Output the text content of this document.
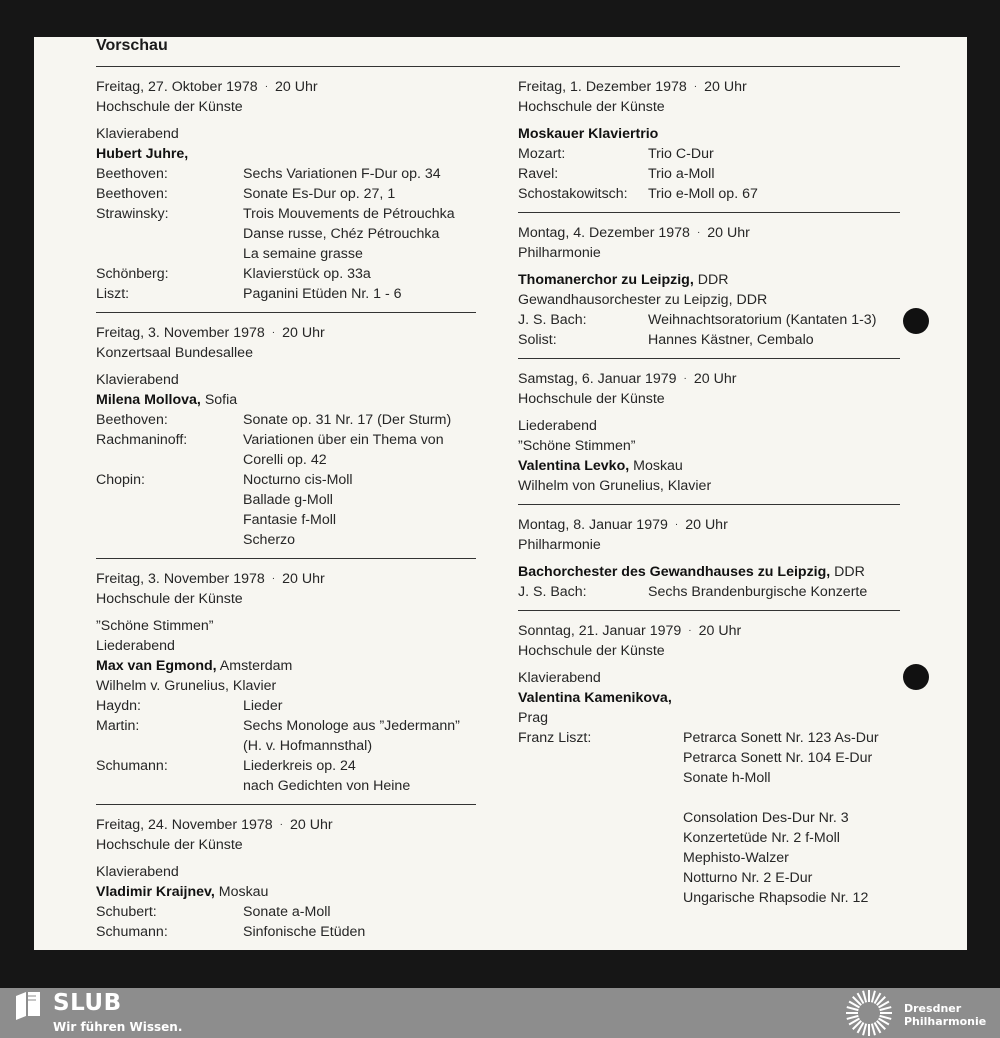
Vorschau
Freitag, 27. Oktober 1978 · 20 Uhr
Hochschule der Künste
Klavierabend
Hubert Juhre,
Beethoven:	Sechs Variationen F-Dur op. 34
Beethoven:	Sonate Es-Dur op. 27, 1
Strawinsky:	Trois Mouvements de Pétrouchka
Danse russe, Chéz Pétrouchka
La semaine grasse
Schönberg:	Klavierstück op. 33a
Liszt:	Paganini Etüden Nr. 1 - 6
Freitag, 3. November 1978 · 20 Uhr
Konzertsaal Bundesallee
Klavierabend
Milena Mollova, Sofia
Beethoven:	Sonate op. 31 Nr. 17 (Der Sturm)
Rachmaninoff:	Variationen über ein Thema von
Corelli op. 42
Chopin:	Nocturno cis-Moll
Ballade g-Moll
Fantasie f-Moll
Scherzo
Freitag, 3. November 1978 · 20 Uhr
Hochschule der Künste
”Schöne Stimmen”
Liederabend
Max van Egmond, Amsterdam
Wilhelm v. Grunelius, Klavier
Haydn:	Lieder
Martin:	Sechs Monologe aus ”Jedermann”
(H. v. Hofmannsthal)
Schumann:	Liederkreis op. 24
nach Gedichten von Heine
Freitag, 24. November 1978 · 20 Uhr
Hochschule der Künste
Klavierabend
Vladimir Kraijnev, Moskau
Schubert:	Sonate a-Moll
Schumann:	Sinfonische Etüden
Freitag, 1. Dezember 1978 · 20 Uhr
Hochschule der Künste
Moskauer Klaviertrio
Mozart:	Trio C-Dur
Ravel:	Trio a-Moll
Schostakowitsch: Trio e-Moll op. 67
Montag, 4. Dezember 1978 · 20 Uhr
Philharmonie
Thomanerchor zu Leipzig, DDR
Gewandhausorchester zu Leipzig, DDR
J. S. Bach:	Weihnachtsoratorium (Kantaten 1-3)
Solist:	Hannes Kästner, Cembalo
Samstag, 6. Januar 1979 · 20 Uhr
Hochschule der Künste
Liederabend
”Schöne Stimmen”
Valentina Levko, Moskau
Wilhelm von Grunelius, Klavier
Montag, 8. Januar 1979 · 20 Uhr
Philharmonie
Bachorchester des Gewandhauses zu Leipzig, DDR
J. S. Bach:	Sechs Brandenburgische Konzerte
Sonntag, 21. Januar 1979 · 20 Uhr
Hochschule der Künste
Klavierabend
Valentina Kamenikova,
Prag
Franz Liszt:	Petrarca Sonett Nr. 123 As-Dur
Petrarca Sonett Nr. 104 E-Dur
Sonate h-Moll
Consolation Des-Dur Nr. 3
Konzertetüde Nr. 2 f-Moll
Mephisto-Walzer
Notturno Nr. 2 E-Dur
Ungarische Rhapsodie Nr. 12
SLUB
Wir führen Wissen.
Dresdner
Philharmonie
